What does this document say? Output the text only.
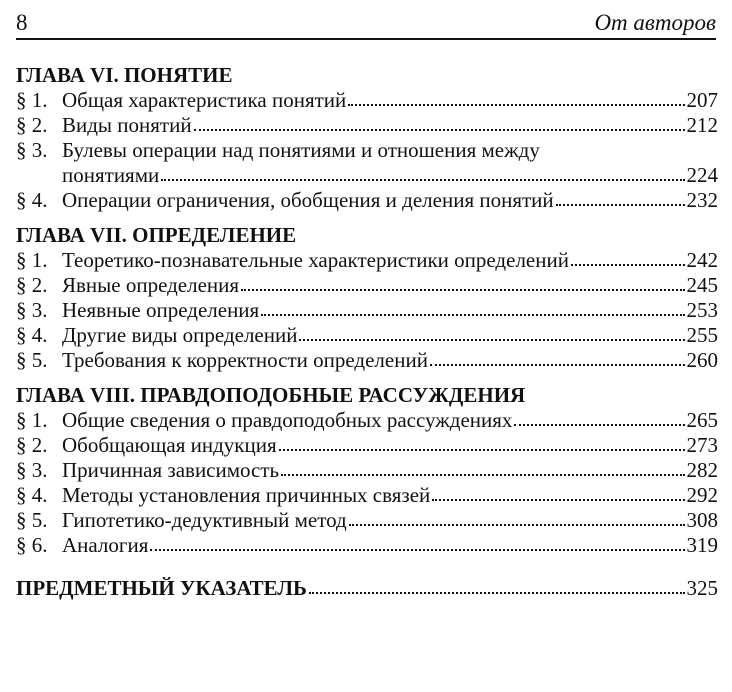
8	От авторов
ГЛАВА VI. ПОНЯТИЕ
§ 1. Общая характеристика понятий	207
§ 2. Виды понятий	212
§ 3. Булевы операции над понятиями и отношения между
понятиями	224
§ 4. Операции ограничения, обобщения и деления понятий	232
ГЛАВА VII. ОПРЕДЕЛЕНИЕ
§ 1. Теоретико-познавательные характеристики определений	242
§ 2. Явные определения	245
§ 3. Неявные определения	253
§ 4. Другие виды определений	255
§ 5. Требования к корректности определений	260
ГЛАВА VIII. ПРАВДОПОДОБНЫЕ РАССУЖДЕНИЯ
§ 1. Общие сведения о правдоподобных рассуждениях	265
§ 2. Обобщающая индукция	273
§ 3. Причинная зависимость	282
§ 4. Методы установления причинных связей	292
§ 5. Гипотетико-дедуктивный метод	308
§ 6. Аналогия	319
ПРЕДМЕТНЫЙ УКАЗАТЕЛЬ	325
